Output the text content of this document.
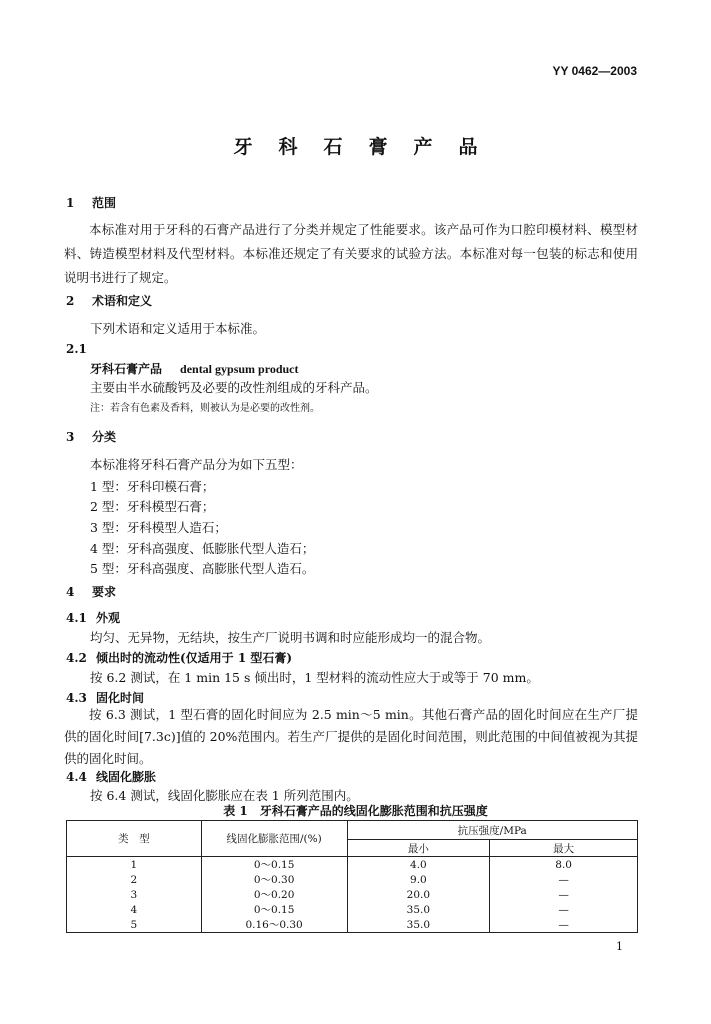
YY 0462—2003
牙科石膏产品
1 范围
本标准对用于牙科的石膏产品进行了分类并规定了性能要求。该产品可作为口腔印模材料、模型材料、铸造模型材料及代型材料。本标准还规定了有关要求的试验方法。本标准对每一包装的标志和使用说明书进行了规定。
2 术语和定义
下列术语和定义适用于本标准。
2.1
牙科石膏产品 dental gypsum product
主要由半水硫酸钙及必要的改性剂组成的牙科产品。
注：若含有色素及香料，则被认为是必要的改性剂。
3 分类
本标准将牙科石膏产品分为如下五型：
1 型：牙科印模石膏；
2 型：牙科模型石膏；
3 型：牙科模型人造石；
4 型：牙科高强度、低膨胀代型人造石；
5 型：牙科高强度、高膨胀代型人造石。
4 要求
4.1 外观
均匀、无异物，无结块，按生产厂说明书调和时应能形成均一的混合物。
4.2 倾出时的流动性(仅适用于 1 型石膏)
按 6.2 测试，在 1 min 15 s 倾出时，1 型材料的流动性应大于或等于 70 mm。
4.3 固化时间
按 6.3 测试，1 型石膏的固化时间应为 2.5 min～5 min。其他石膏产品的固化时间应在生产厂提供的固化时间[7.3c)]值的 20%范围内。若生产厂提供的是固化时间范围，则此范围的中间值被视为其提供的固化时间。
4.4 线固化膨胀
按 6.4 测试，线固化膨胀应在表 1 所列范围内。
表 1　牙科石膏产品的线固化膨胀范围和抗压强度
类　型	线固化膨胀范围/(%)	抗压强度/MPa	
		最小	最大
1	0～0.15	4.0	8.0
2	0～0.30	9.0	—
3	0～0.20	20.0	—
4	0～0.15	35.0	—
5	0.16～0.30	35.0	—
1
